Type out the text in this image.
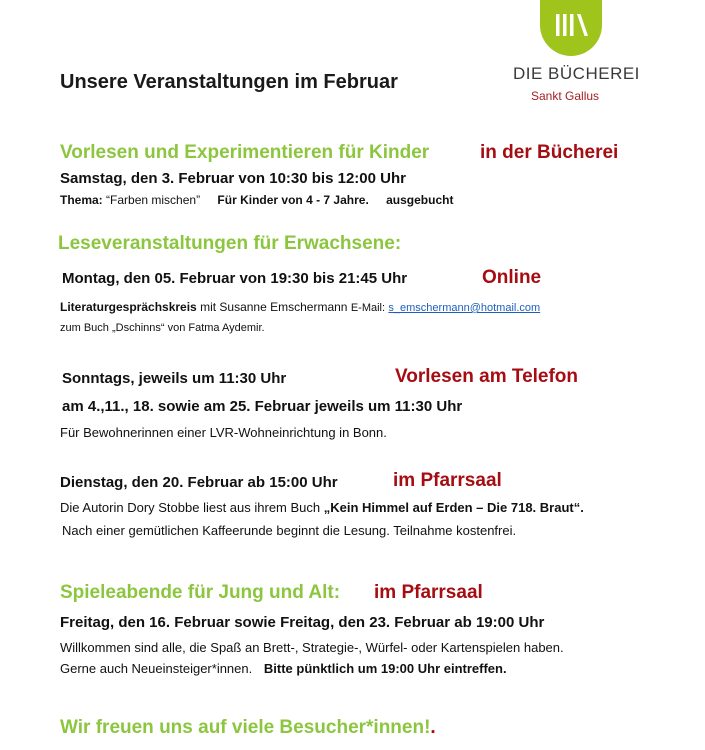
Unsere Veranstaltungen im Februar	DIE BÜCHEREI
Sankt Gallus
Vorlesen und Experimentieren für Kinder	in der Bücherei
Samstag, den 3. Februar von 10:30 bis 12:00 Uhr
Thema: “Farben mischen” Für Kinder von 4 - 7 Jahre. ausgebucht
Leseveranstaltungen für Erwachsene:
Montag, den 05. Februar von 19:30 bis 21:45 Uhr	Online
Literaturgesprächskreis mit Susanne Emschermann E-Mail: s_emschermann@hotmail.com
zum Buch „Dschinns“ von Fatma Aydemir.
Sonntags, jeweils um 11:30 Uhr	Vorlesen am Telefon
am 4.,11., 18. sowie am 25. Februar jeweils um 11:30 Uhr
Für Bewohnerinnen einer LVR-Wohneinrichtung in Bonn.
Dienstag, den 20. Februar ab 15:00 Uhr	im Pfarrsaal
Die Autorin Dory Stobbe liest aus ihrem Buch „Kein Himmel auf Erden – Die 718. Braut“.
Nach einer gemütlichen Kaffeerunde beginnt die Lesung. Teilnahme kostenfrei.
Spieleabende für Jung und Alt: im Pfarrsaal
Freitag, den 16. Februar sowie Freitag, den 23. Februar ab 19:00 Uhr
Willkommen sind alle, die Spaß an Brett-, Strategie-, Würfel- oder Kartenspielen haben.
Gerne auch Neueinsteiger*innen. Bitte pünktlich um 19:00 Uhr eintreffen.
Wir freuen uns auf viele Besucher*innen!.
